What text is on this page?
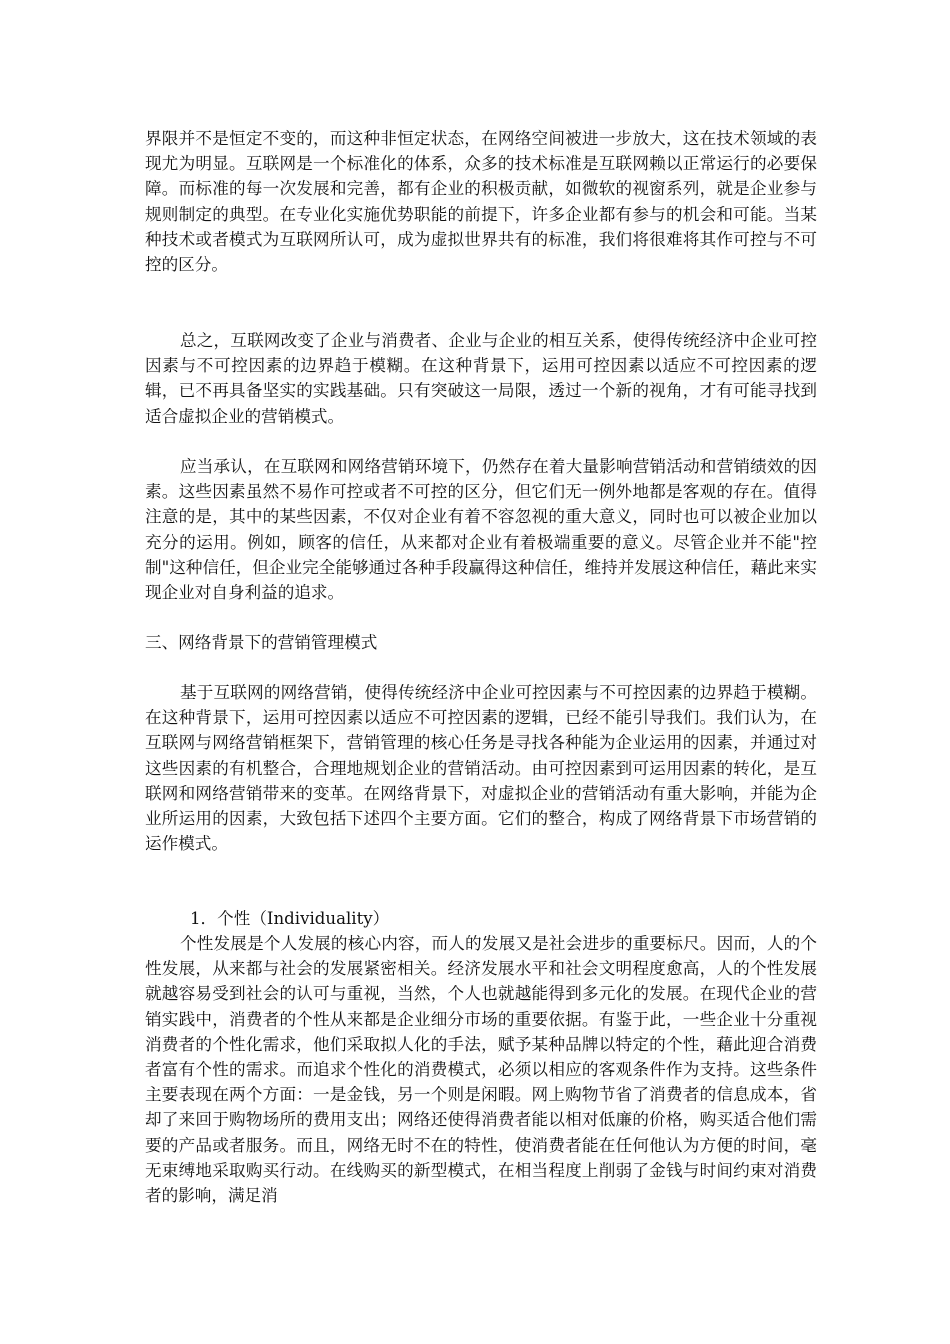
界限并不是恒定不变的，而这种非恒定状态，在网络空间被进一步放大，这在技术领域的表现尤为明显。互联网是一个标准化的体系，众多的技术标准是互联网赖以正常运行的必要保障。而标准的每一次发展和完善，都有企业的积极贡献，如微软的视窗系列，就是企业参与规则制定的典型。在专业化实施优势职能的前提下，许多企业都有参与的机会和可能。当某种技术或者模式为互联网所认可，成为虚拟世界共有的标准，我们将很难将其作可控与不可控的区分。

总之，互联网改变了企业与消费者、企业与企业的相互关系，使得传统经济中企业可控因素与不可控因素的边界趋于模糊。在这种背景下，运用可控因素以适应不可控因素的逻辑，已不再具备坚实的实践基础。只有突破这一局限，透过一个新的视角，才有可能寻找到适合虚拟企业的营销模式。

应当承认，在互联网和网络营销环境下，仍然存在着大量影响营销活动和营销绩效的因素。这些因素虽然不易作可控或者不可控的区分，但它们无一例外地都是客观的存在。值得注意的是，其中的某些因素，不仅对企业有着不容忽视的重大意义，同时也可以被企业加以充分的运用。例如，顾客的信任，从来都对企业有着极端重要的意义。尽管企业并不能"控制"这种信任，但企业完全能够通过各种手段赢得这种信任，维持并发展这种信任，藉此来实现企业对自身利益的追求。

三、网络背景下的营销管理模式

基于互联网的网络营销，使得传统经济中企业可控因素与不可控因素的边界趋于模糊。在这种背景下，运用可控因素以适应不可控因素的逻辑，已经不能引导我们。我们认为，在互联网与网络营销框架下，营销管理的核心任务是寻找各种能为企业运用的因素，并通过对这些因素的有机整合，合理地规划企业的营销活动。由可控因素到可运用因素的转化，是互联网和网络营销带来的变革。在网络背景下，对虚拟企业的营销活动有重大影响，并能为企业所运用的因素，大致包括下述四个主要方面。它们的整合，构成了网络背景下市场营销的运作模式。

1．个性（Individuality）

个性发展是个人发展的核心内容，而人的发展又是社会进步的重要标尺。因而，人的个性发展，从来都与社会的发展紧密相关。经济发展水平和社会文明程度愈高，人的个性发展就越容易受到社会的认可与重视，当然，个人也就越能得到多元化的发展。在现代企业的营销实践中，消费者的个性从来都是企业细分市场的重要依据。有鉴于此，一些企业十分重视消费者的个性化需求，他们采取拟人化的手法，赋予某种品牌以特定的个性，藉此迎合消费者富有个性的需求。而追求个性化的消费模式，必须以相应的客观条件作为支持。这些条件主要表现在两个方面：一是金钱，另一个则是闲暇。网上购物节省了消费者的信息成本，省却了来回于购物场所的费用支出；网络还使得消费者能以相对低廉的价格，购买适合他们需要的产品或者服务。而且，网络无时不在的特性，使消费者能在任何他认为方便的时间，毫无束缚地采取购买行动。在线购买的新型模式，在相当程度上削弱了金钱与时间约束对消费者的影响，满足消
